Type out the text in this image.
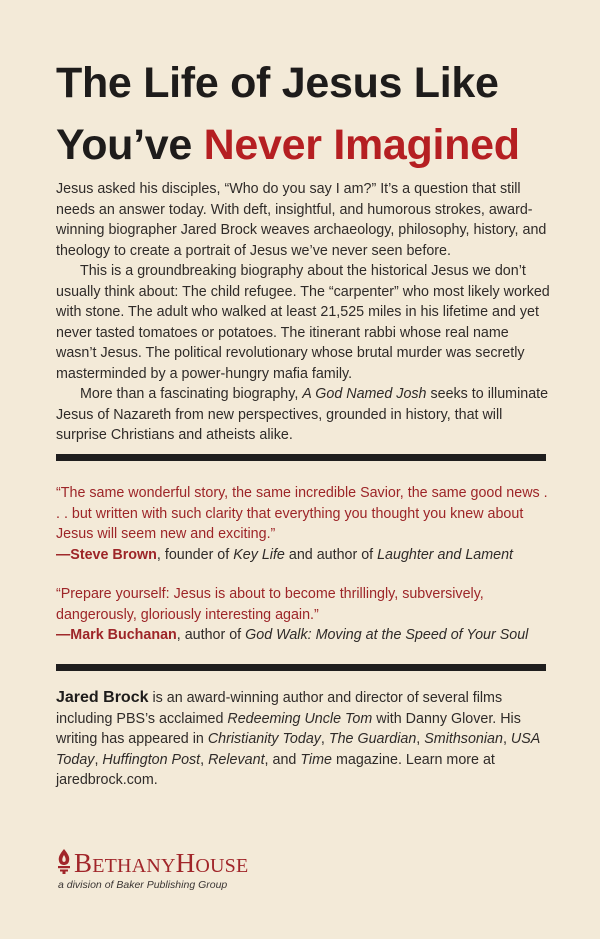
The Life of Jesus Like
You’ve Never Imagined

Jesus asked his disciples, “Who do you say I am?” It’s a question that still needs an answer today. With deft, insightful, and humorous strokes, award-winning biographer Jared Brock weaves archaeology, philosophy, history, and theology to create a portrait of Jesus we’ve never seen before.

This is a groundbreaking biography about the historical Jesus we don’t usually think about: The child refugee. The “carpenter” who most likely worked with stone. The adult who walked at least 21,525 miles in his lifetime and yet never tasted tomatoes or potatoes. The itinerant rabbi whose real name wasn’t Jesus. The political revolutionary whose brutal murder was secretly masterminded by a power-hungry mafia family.

More than a fascinating biography, A God Named Josh seeks to illuminate Jesus of Nazareth from new perspectives, grounded in history, that will surprise Christians and atheists alike.

“The same wonderful story, the same incredible Savior, the same good news . . . but written with such clarity that everything you thought you knew about Jesus will seem new and exciting.”

—Steve Brown, founder of Key Life and author of Laughter and Lament

“Prepare yourself: Jesus is about to become thrillingly, subversively, dangerously, gloriously interesting again.”

—Mark Buchanan, author of God Walk: Moving at the Speed of Your Soul

Jared Brock is an award-winning author and director of several films including PBS’s acclaimed Redeeming Uncle Tom with Danny Glover. His writing has appeared in Christianity Today, The Guardian, Smithsonian, USA Today, Huffington Post, Relevant, and Time magazine. Learn more at jaredbrock.com.

BETHANYHOUSE
a division of Baker Publishing Group
